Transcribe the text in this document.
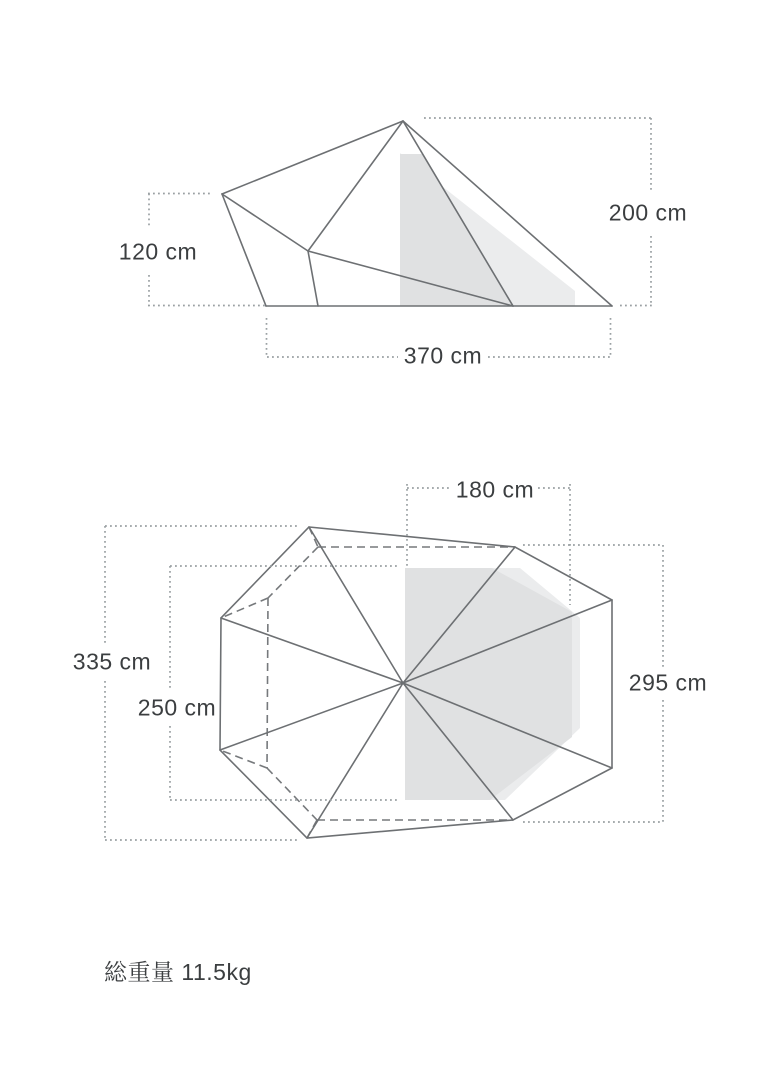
120 cm
200 cm
370 cm
180 cm
335 cm
250 cm
295 cm
総重量 11.5kg
